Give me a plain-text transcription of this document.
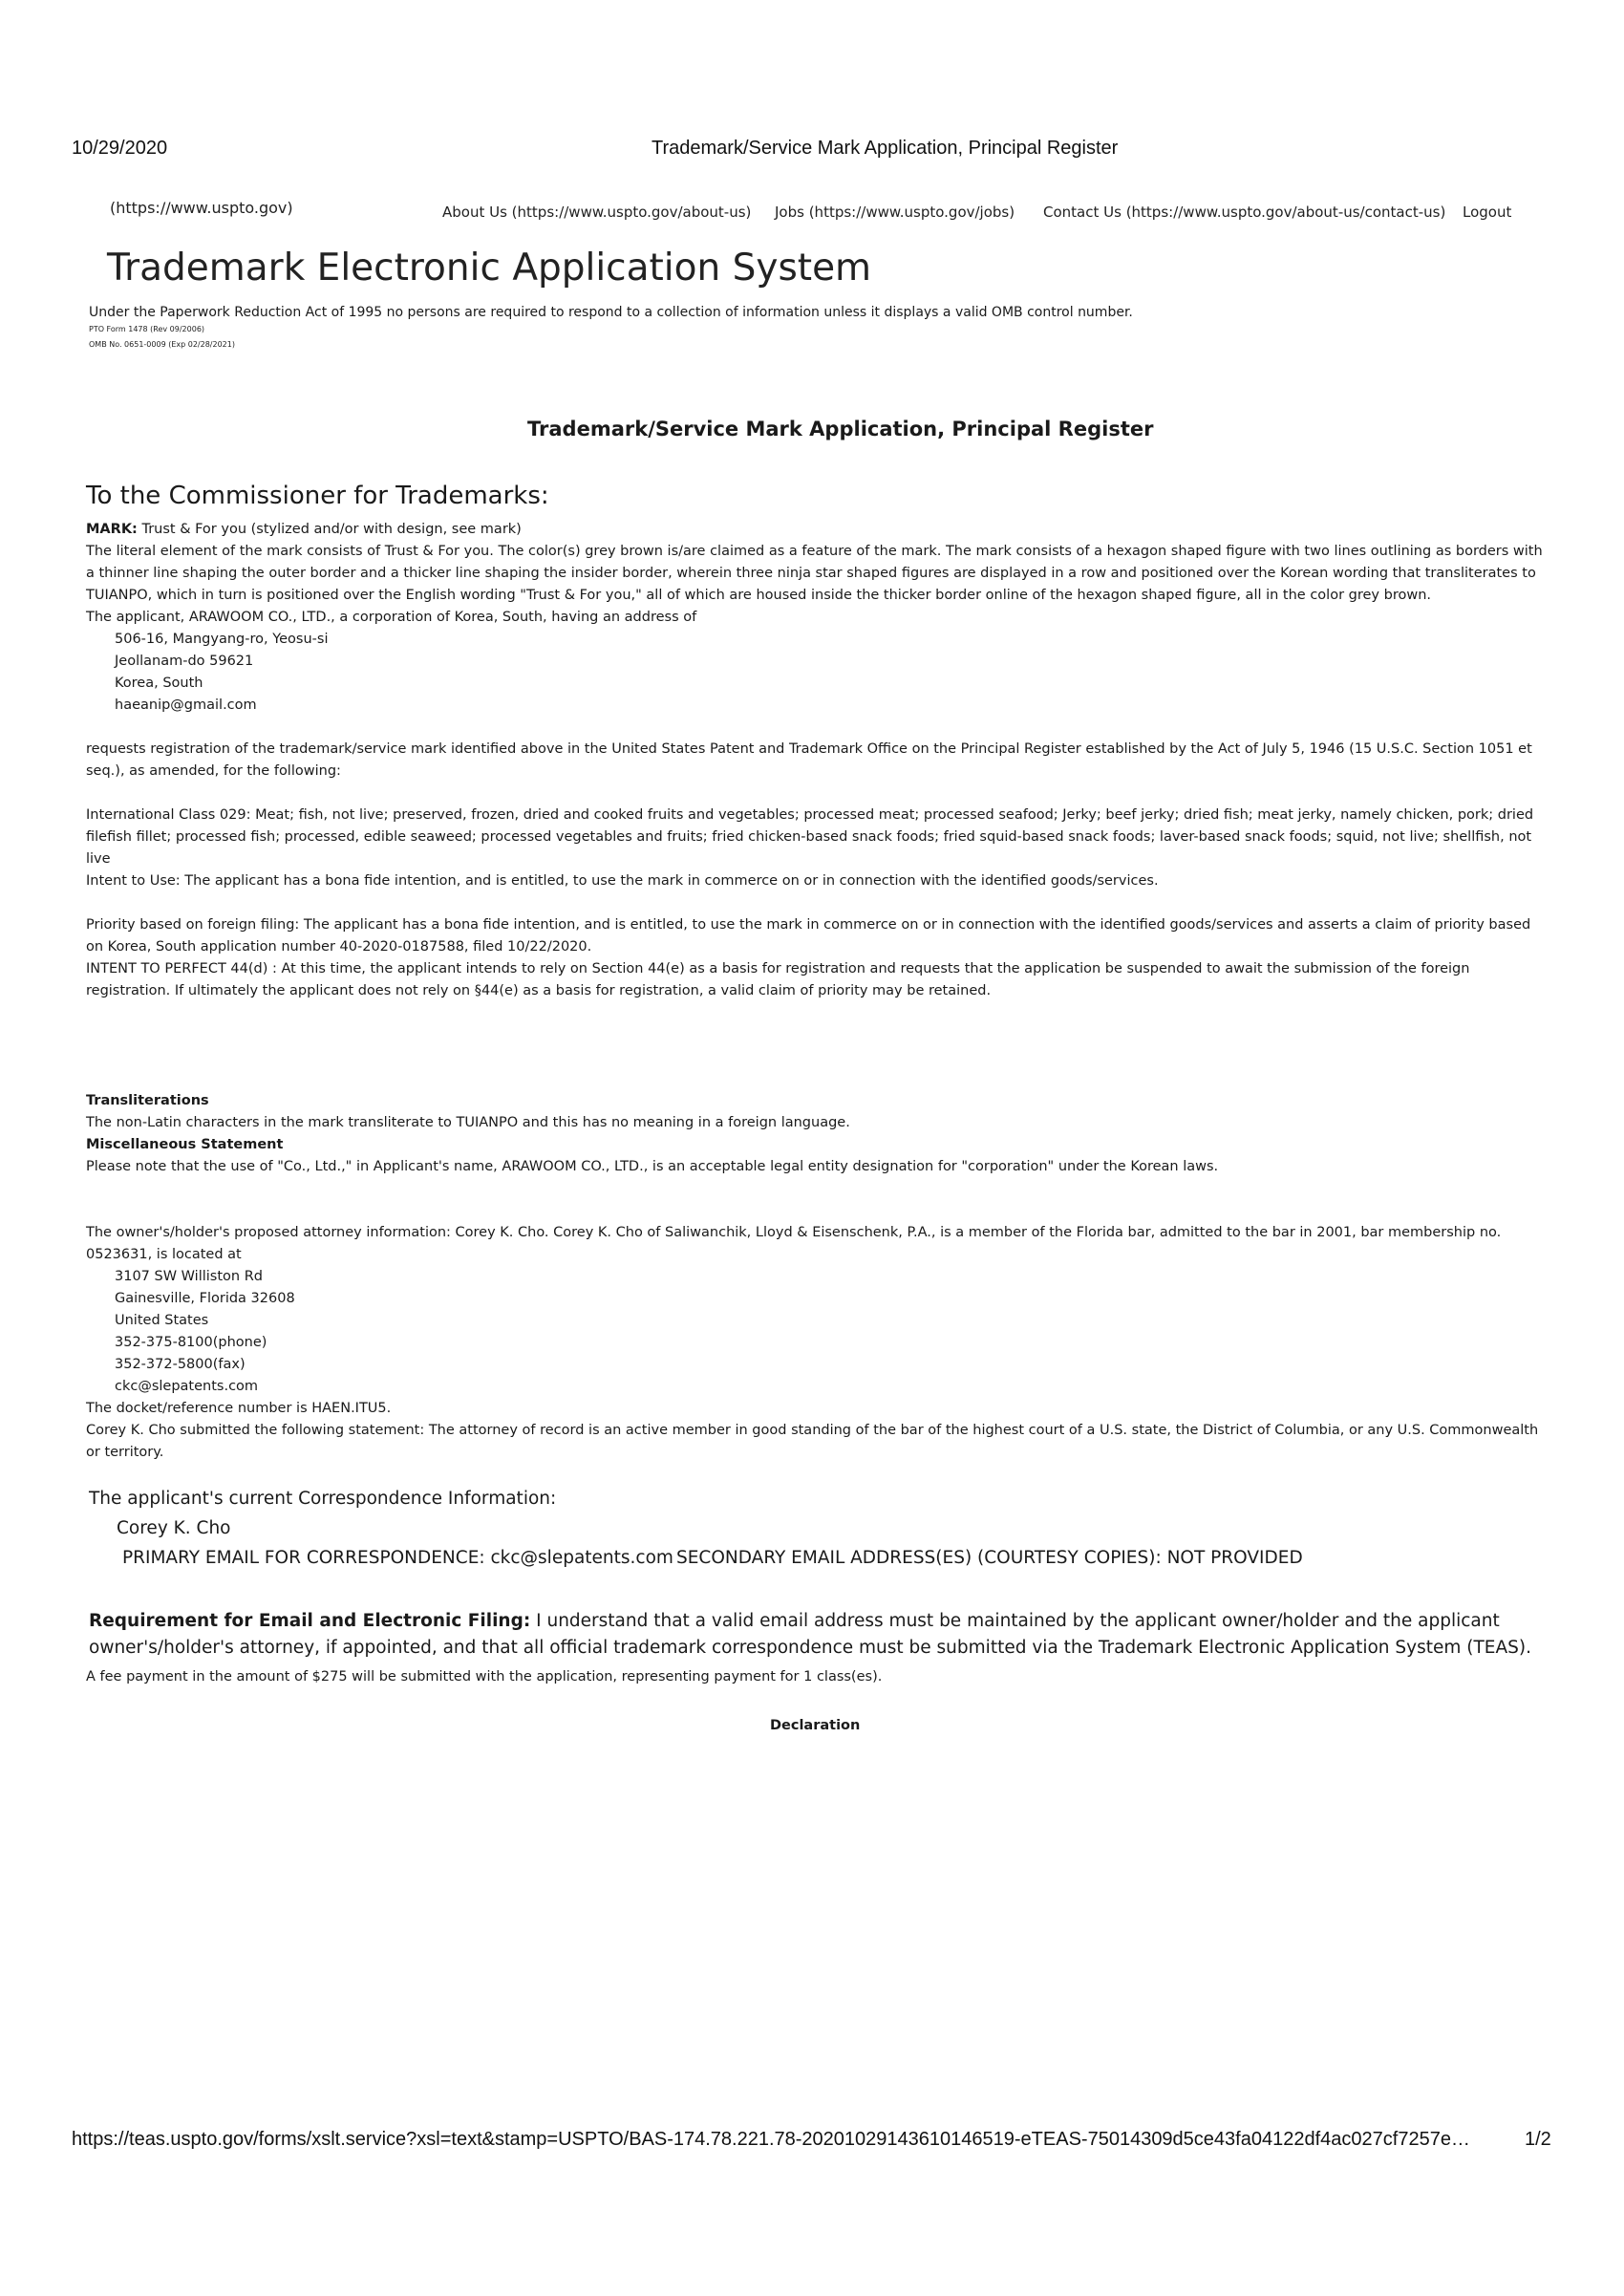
10/29/2020	Trademark/Service Mark Application, Principal Register
(https://www.uspto.gov)	About Us (https://www.uspto.gov/about-us) Jobs (https://www.uspto.gov/jobs) Contact Us (https://www.uspto.gov/about-us/contact-us) Logout
Trademark Electronic Application System
Under the Paperwork Reduction Act of 1995 no persons are required to respond to a collection of information unless it displays a valid OMB control number.
PTO Form 1478 (Rev 09/2006)
OMB No. 0651-0009 (Exp 02/28/2021)
Trademark/Service Mark Application, Principal Register
To the Commissioner for Trademarks:

MARK: Trust & For you (stylized and/or with design, see mark)

The literal element of the mark consists of Trust & For you. The color(s) grey brown is/are claimed as a feature of the mark. The mark consists of a hexagon shaped figure with two lines outlining as borders with a thinner line shaping the outer border and a thicker line shaping the insider border, wherein three ninja star shaped figures are displayed in a row and positioned over the Korean wording that transliterates to TUIANPO, which in turn is positioned over the English wording "Trust & For you," all of which are housed inside the thicker border online of the hexagon shaped figure, all in the color grey brown.

The applicant, ARAWOOM CO., LTD., a corporation of Korea, South, having an address of

506-16, Mangyang-ro, Yeosu-si

Jeollanam-do 59621

Korea, South

haeanip@gmail.com

requests registration of the trademark/service mark identified above in the United States Patent and Trademark Office on the Principal Register established by the Act of July 5, 1946 (15 U.S.C. Section 1051 et seq.), as amended, for the following:

International Class 029: Meat; fish, not live; preserved, frozen, dried and cooked fruits and vegetables; processed meat; processed seafood; Jerky; beef jerky; dried fish; meat jerky, namely chicken, pork; dried filefish fillet; processed fish; processed, edible seaweed; processed vegetables and fruits; fried chicken-based snack foods; fried squid-based snack foods; laver-based snack foods; squid, not live; shellfish, not live

Intent to Use: The applicant has a bona fide intention, and is entitled, to use the mark in commerce on or in connection with the identified goods/services.

Priority based on foreign filing: The applicant has a bona fide intention, and is entitled, to use the mark in commerce on or in connection with the identified goods/services and asserts a claim of priority based on Korea, South application number 40-2020-0187588, filed 10/22/2020.

INTENT TO PERFECT 44(d) : At this time, the applicant intends to rely on Section 44(e) as a basis for registration and requests that the application be suspended to await the submission of the foreign registration. If ultimately the applicant does not rely on §44(e) as a basis for registration, a valid claim of priority may be retained.

Transliterations

The non-Latin characters in the mark transliterate to TUIANPO and this has no meaning in a foreign language.

Miscellaneous Statement

Please note that the use of "Co., Ltd.," in Applicant's name, ARAWOOM CO., LTD., is an acceptable legal entity designation for "corporation" under the Korean laws.

The owner's/holder's proposed attorney information: Corey K. Cho. Corey K. Cho of Saliwanchik, Lloyd & Eisenschenk, P.A., is a member of the Florida bar, admitted to the bar in 2001, bar membership no. 0523631, is located at

3107 SW Williston Rd

Gainesville, Florida 32608

United States

352-375-8100(phone)

352-372-5800(fax)

ckc@slepatents.com

The docket/reference number is HAEN.ITU5.

Corey K. Cho submitted the following statement: The attorney of record is an active member in good standing of the bar of the highest court of a U.S. state, the District of Columbia, or any U.S. Commonwealth or territory.

The applicant's current Correspondence Information:
Corey K. Cho
PRIMARY EMAIL FOR CORRESPONDENCE: ckc@slepatents.com SECONDARY EMAIL ADDRESS(ES) (COURTESY COPIES): NOT PROVIDED
Requirement for Email and Electronic Filing: I understand that a valid email address must be maintained by the applicant owner/holder and the applicant owner's/holder's attorney, if appointed, and that all official trademark correspondence must be submitted via the Trademark Electronic Application System (TEAS).
A fee payment in the amount of $275 will be submitted with the application, representing payment for 1 class(es).
Declaration
https://teas.uspto.gov/forms/xslt.service?xsl=text&stamp=USPTO/BAS-174.78.221.78-20201029143610146519-eTEAS-75014309d5ce43fa04122df4ac027cf7257e…	1/2
